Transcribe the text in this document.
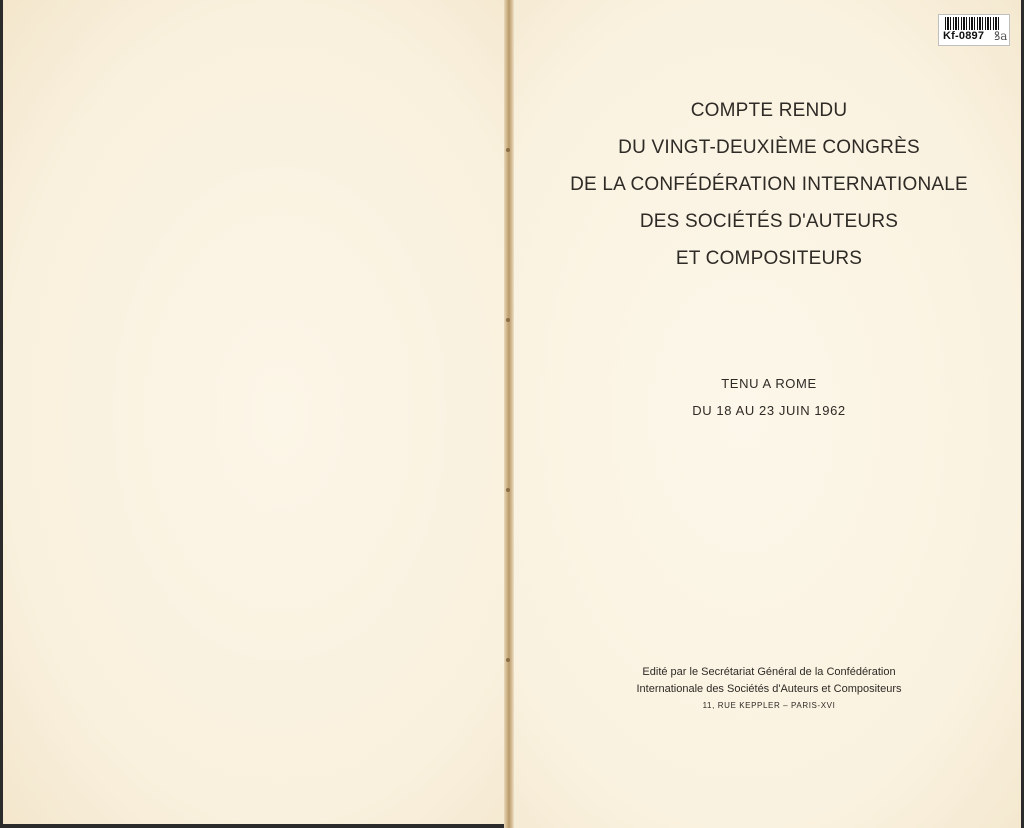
Kf-0897 ꝸa
COMPTE RENDU
DU VINGT-DEUXIÈME CONGRÈS
DE LA CONFÉDÉRATION INTERNATIONALE
DES SOCIÉTÉS D'AUTEURS
ET COMPOSITEURS
TENU A ROME
DU 18 AU 23 JUIN 1962
Edité par le Secrétariat Général de la Confédération
Internationale des Sociétés d'Auteurs et Compositeurs
11, RUE KEPPLER – PARIS-XVI
